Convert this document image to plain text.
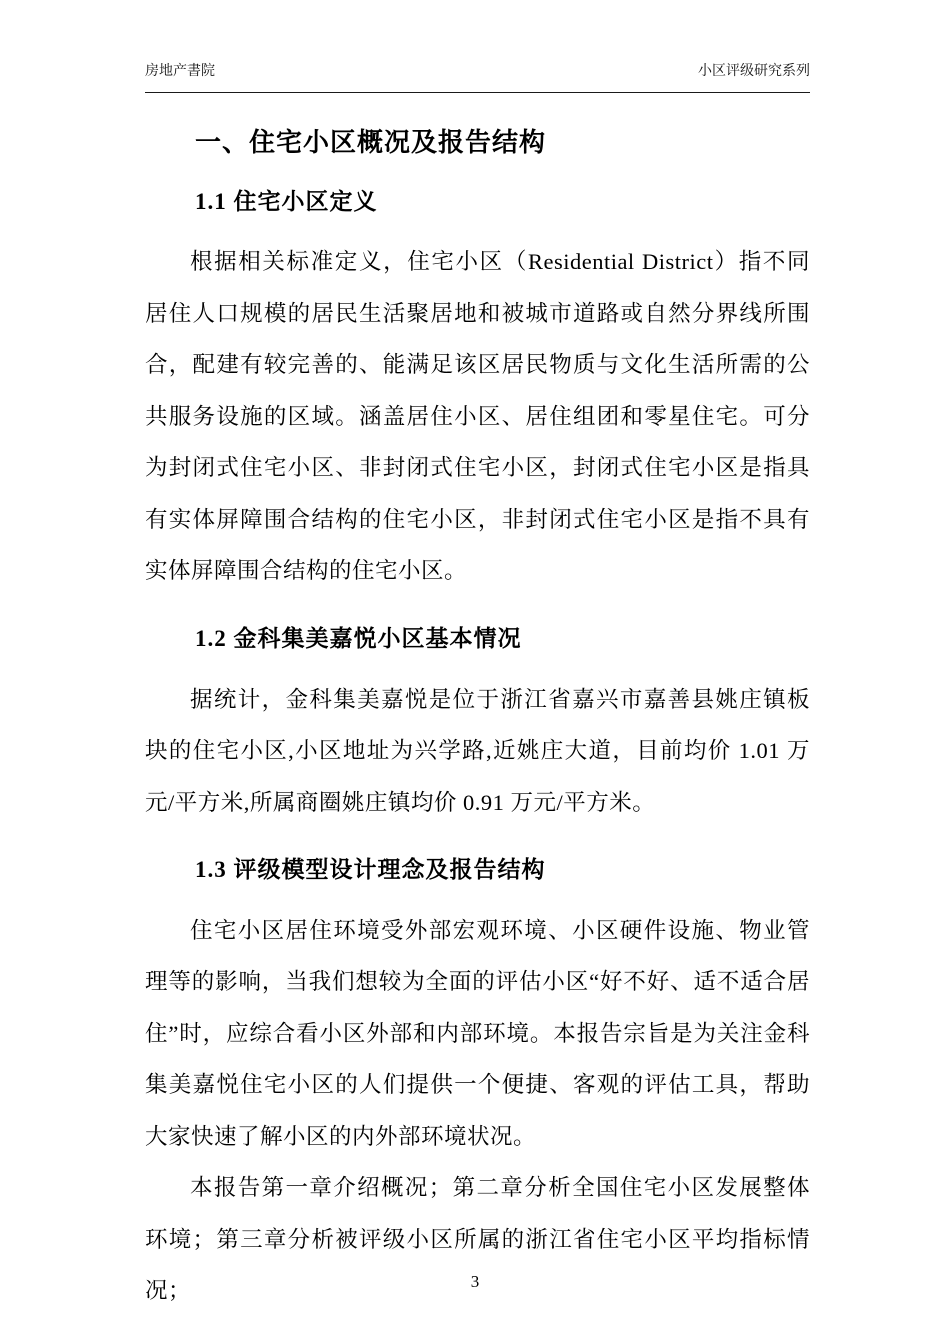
房地产書院	小区评级研究系列
一、住宅小区概况及报告结构
1.1 住宅小区定义

根据相关标准定义，住宅小区（Residential District）指不同居住人口规模的居民生活聚居地和被城市道路或自然分界线所围合，配建有较完善的、能满足该区居民物质与文化生活所需的公共服务设施的区域。涵盖居住小区、居住组团和零星住宅。可分为封闭式住宅小区、非封闭式住宅小区，封闭式住宅小区是指具有实体屏障围合结构的住宅小区，非封闭式住宅小区是指不具有实体屏障围合结构的住宅小区。

1.2 金科集美嘉悦小区基本情况

据统计，金科集美嘉悦是位于浙江省嘉兴市嘉善县姚庄镇板块的住宅小区,小区地址为兴学路,近姚庄大道，目前均价 1.01 万元/平方米,所属商圈姚庄镇均价 0.91 万元/平方米。

1.3 评级模型设计理念及报告结构

住宅小区居住环境受外部宏观环境、小区硬件设施、物业管理等的影响，当我们想较为全面的评估小区“好不好、适不适合居住”时，应综合看小区外部和内部环境。本报告宗旨是为关注金科集美嘉悦住宅小区的人们提供一个便捷、客观的评估工具，帮助大家快速了解小区的内外部环境状况。

本报告第一章介绍概况；第二章分析全国住宅小区发展整体环境；第三章分析被评级小区所属的浙江省住宅小区平均指标情况；	3
